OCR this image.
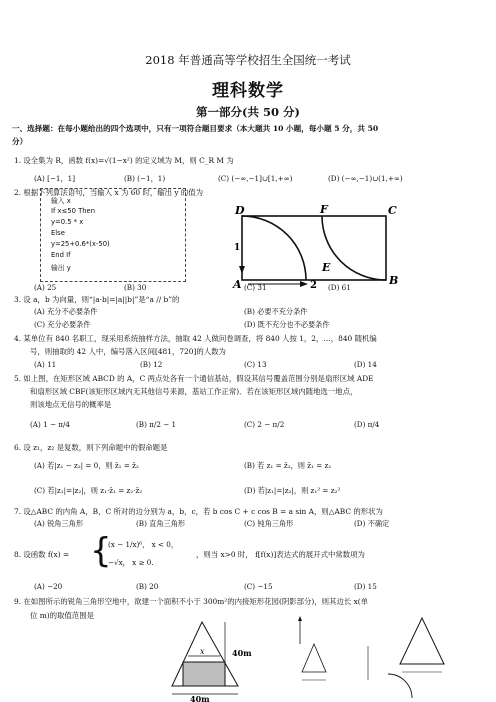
2018 年普通高等学校招生全国统一考试
理科数学
第一部分(共 50 分)
一、选择题：在每小题给出的四个选项中，只有一项符合题目要求（本大题共 10 小题，每小题 5 分，共 50
分）
1. 设全集为 R，函数 f(x)=√(1−x²) 的定义域为 M，则 C_R M 为
(A) [−1，1]	(B) (−1，1)	(C) (−∞,−1]∪[1,+∞)	(D) (−∞,−1)∪(1,+∞)
2. 根据下列算法语句，当输入 x 为 60 时，输出 y 的值为
输入 x
If x≤50 Then
y=0.5 * x
Else
y=25+0.6*(x-50)
End If
输出 y
D	F	C
E
A	2	B
1
(A) 25	(B) 30	(C) 31	(D) 61
3. 设 a，b 为向量，则“|a·b|=|a||b|”是“a // b”的
(A) 充分不必要条件	(B) 必要不充分条件
(C) 充分必要条件	(D) 既不充分也不必要条件
4. 某单位有 840 名职工，现采用系统抽样方法，抽取 42 人做问卷调查，将 840 人按 1，2，…，840 随机编
号，则抽取的 42 人中，编号落入区间[481，720]的人数为
(A) 11	(B) 12	(C) 13	(D) 14
5. 如上图，在矩形区域 ABCD 的 A，C 两点处各有一个通信基站，假设其信号覆盖范围分别是扇形区域 ADE
和扇形区域 CBF(该矩形区域内无其他信号来源，基站工作正常)．若在该矩形区域内随地选一地点，
则该地点无信号的概率是
(A) 1 − π/4	(B) π/2 − 1	(C) 2 − π/2	(D) π/4
6. 设 z₁，z₂ 是复数，则下列命题中的假命题是
(A) 若|z₁ − z₂| = 0，则 z̄₁ = z̄₂	(B) 若 z₁ = z̄₂，则 z̄₁ = z₂
(C) 若|z₁|=|z₂|，则 z₁·z̄₁ = z₂·z̄₂	(D) 若|z₁|=|z₂|，则 z₁² = z₂²
7. 设△ABC 的内角 A，B，C 所对的边分别为 a，b，c，若 b cos C + c cos B = a sin A，则△ABC 的形状为
(A) 锐角三角形	(B) 直角三角形	(C) 钝角三角形	(D) 不确定
8. 设函数 f(x) = {
(x − 1/x)⁶， x < 0，
−√x， x ≥ 0.
，则当 x>0 时， f[f(x)]表达式的展开式中常数项为
(A) −20	(B) 20	(C) −15	(D) 15
9. 在如图所示的锐角三角形空地中，欲建一个面积不小于 300m²的内接矩形花园(阴影部分)，则其边长 x(单
位 m)的取值范围是
x	40m
40m
